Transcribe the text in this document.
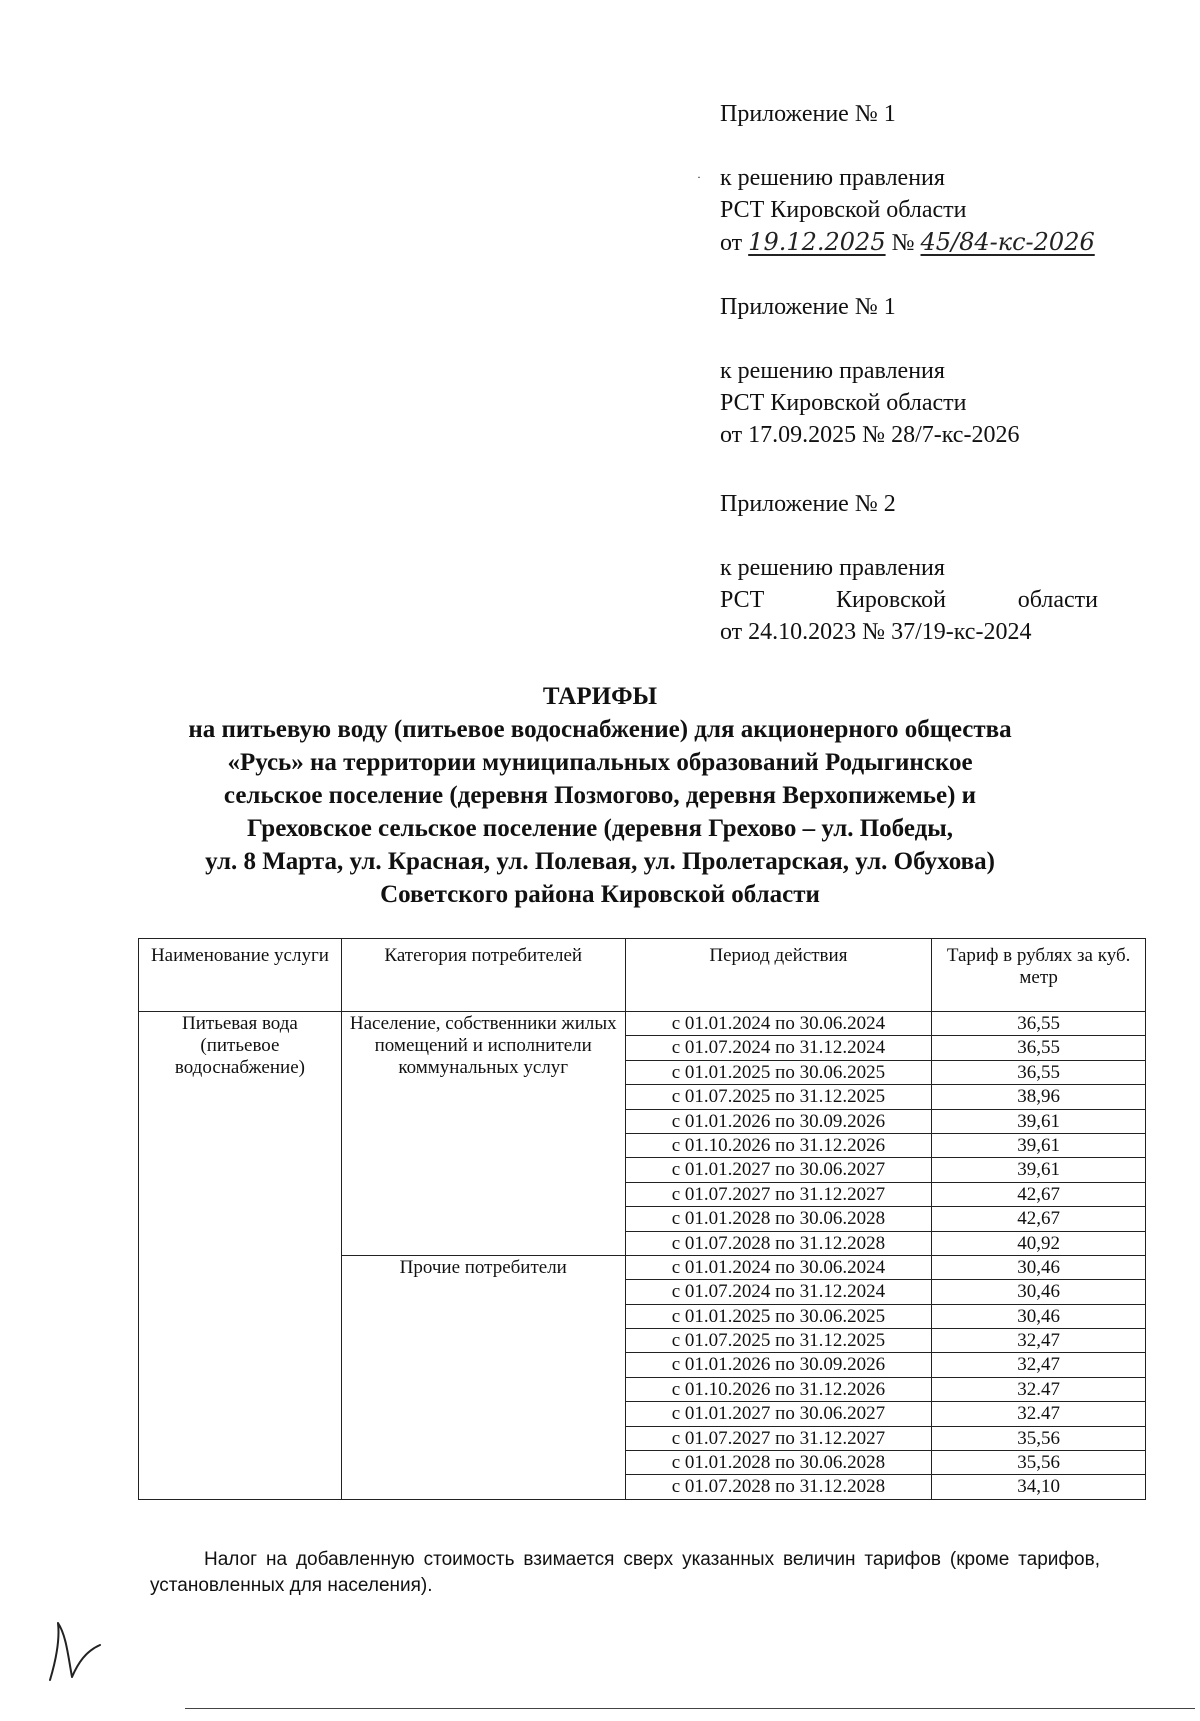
Приложение № 1
к решению правления
РСТ Кировской области
от 19.12.2025 № 45/84-кс-2026
·
Приложение № 1
к решению правления
РСТ Кировской области
от 17.09.2025 № 28/7-кс-2026
Приложение № 2
к решению правления
РСТ	Кировской	области
от 24.10.2023 № 37/19-кс-2024
ТАРИФЫ
на питьевую воду (питьевое водоснабжение) для акционерного общества
«Русь» на территории муниципальных образований Родыгинское
сельское поселение (деревня Позмогово, деревня Верхопижемье) и
Греховское сельское поселение (деревня Грехово – ул. Победы,
ул. 8 Марта, ул. Красная, ул. Полевая, ул. Пролетарская, ул. Обухова)
Советского района Кировской области
Наименование услуги	Категория потребителей	Период действия	Тариф в рублях за куб. метр
Питьевая вода (питьевое водоснабжение)	Население, собственники жилых помещений и исполнители коммунальных услуг	с 01.01.2024 по 30.06.2024	36,55
		с 01.07.2024 по 31.12.2024	36,55
		с 01.01.2025 по 30.06.2025	36,55
		с 01.07.2025 по 31.12.2025	38,96
		с 01.01.2026 по 30.09.2026	39,61
		с 01.10.2026 по 31.12.2026	39,61
		с 01.01.2027 по 30.06.2027	39,61
		с 01.07.2027 по 31.12.2027	42,67
		с 01.01.2028 по 30.06.2028	42,67
		с 01.07.2028 по 31.12.2028	40,92
	Прочие потребители	с 01.01.2024 по 30.06.2024	30,46
		с 01.07.2024 по 31.12.2024	30,46
		с 01.01.2025 по 30.06.2025	30,46
		с 01.07.2025 по 31.12.2025	32,47
		с 01.01.2026 по 30.09.2026	32,47
		с 01.10.2026 по 31.12.2026	32.47
		с 01.01.2027 по 30.06.2027	32.47
		с 01.07.2027 по 31.12.2027	35,56
		с 01.01.2028 по 30.06.2028	35,56
		с 01.07.2028 по 31.12.2028	34,10
Налог на добавленную стоимость взимается сверх указанных величин тарифов (кроме тарифов, установленных для населения).
